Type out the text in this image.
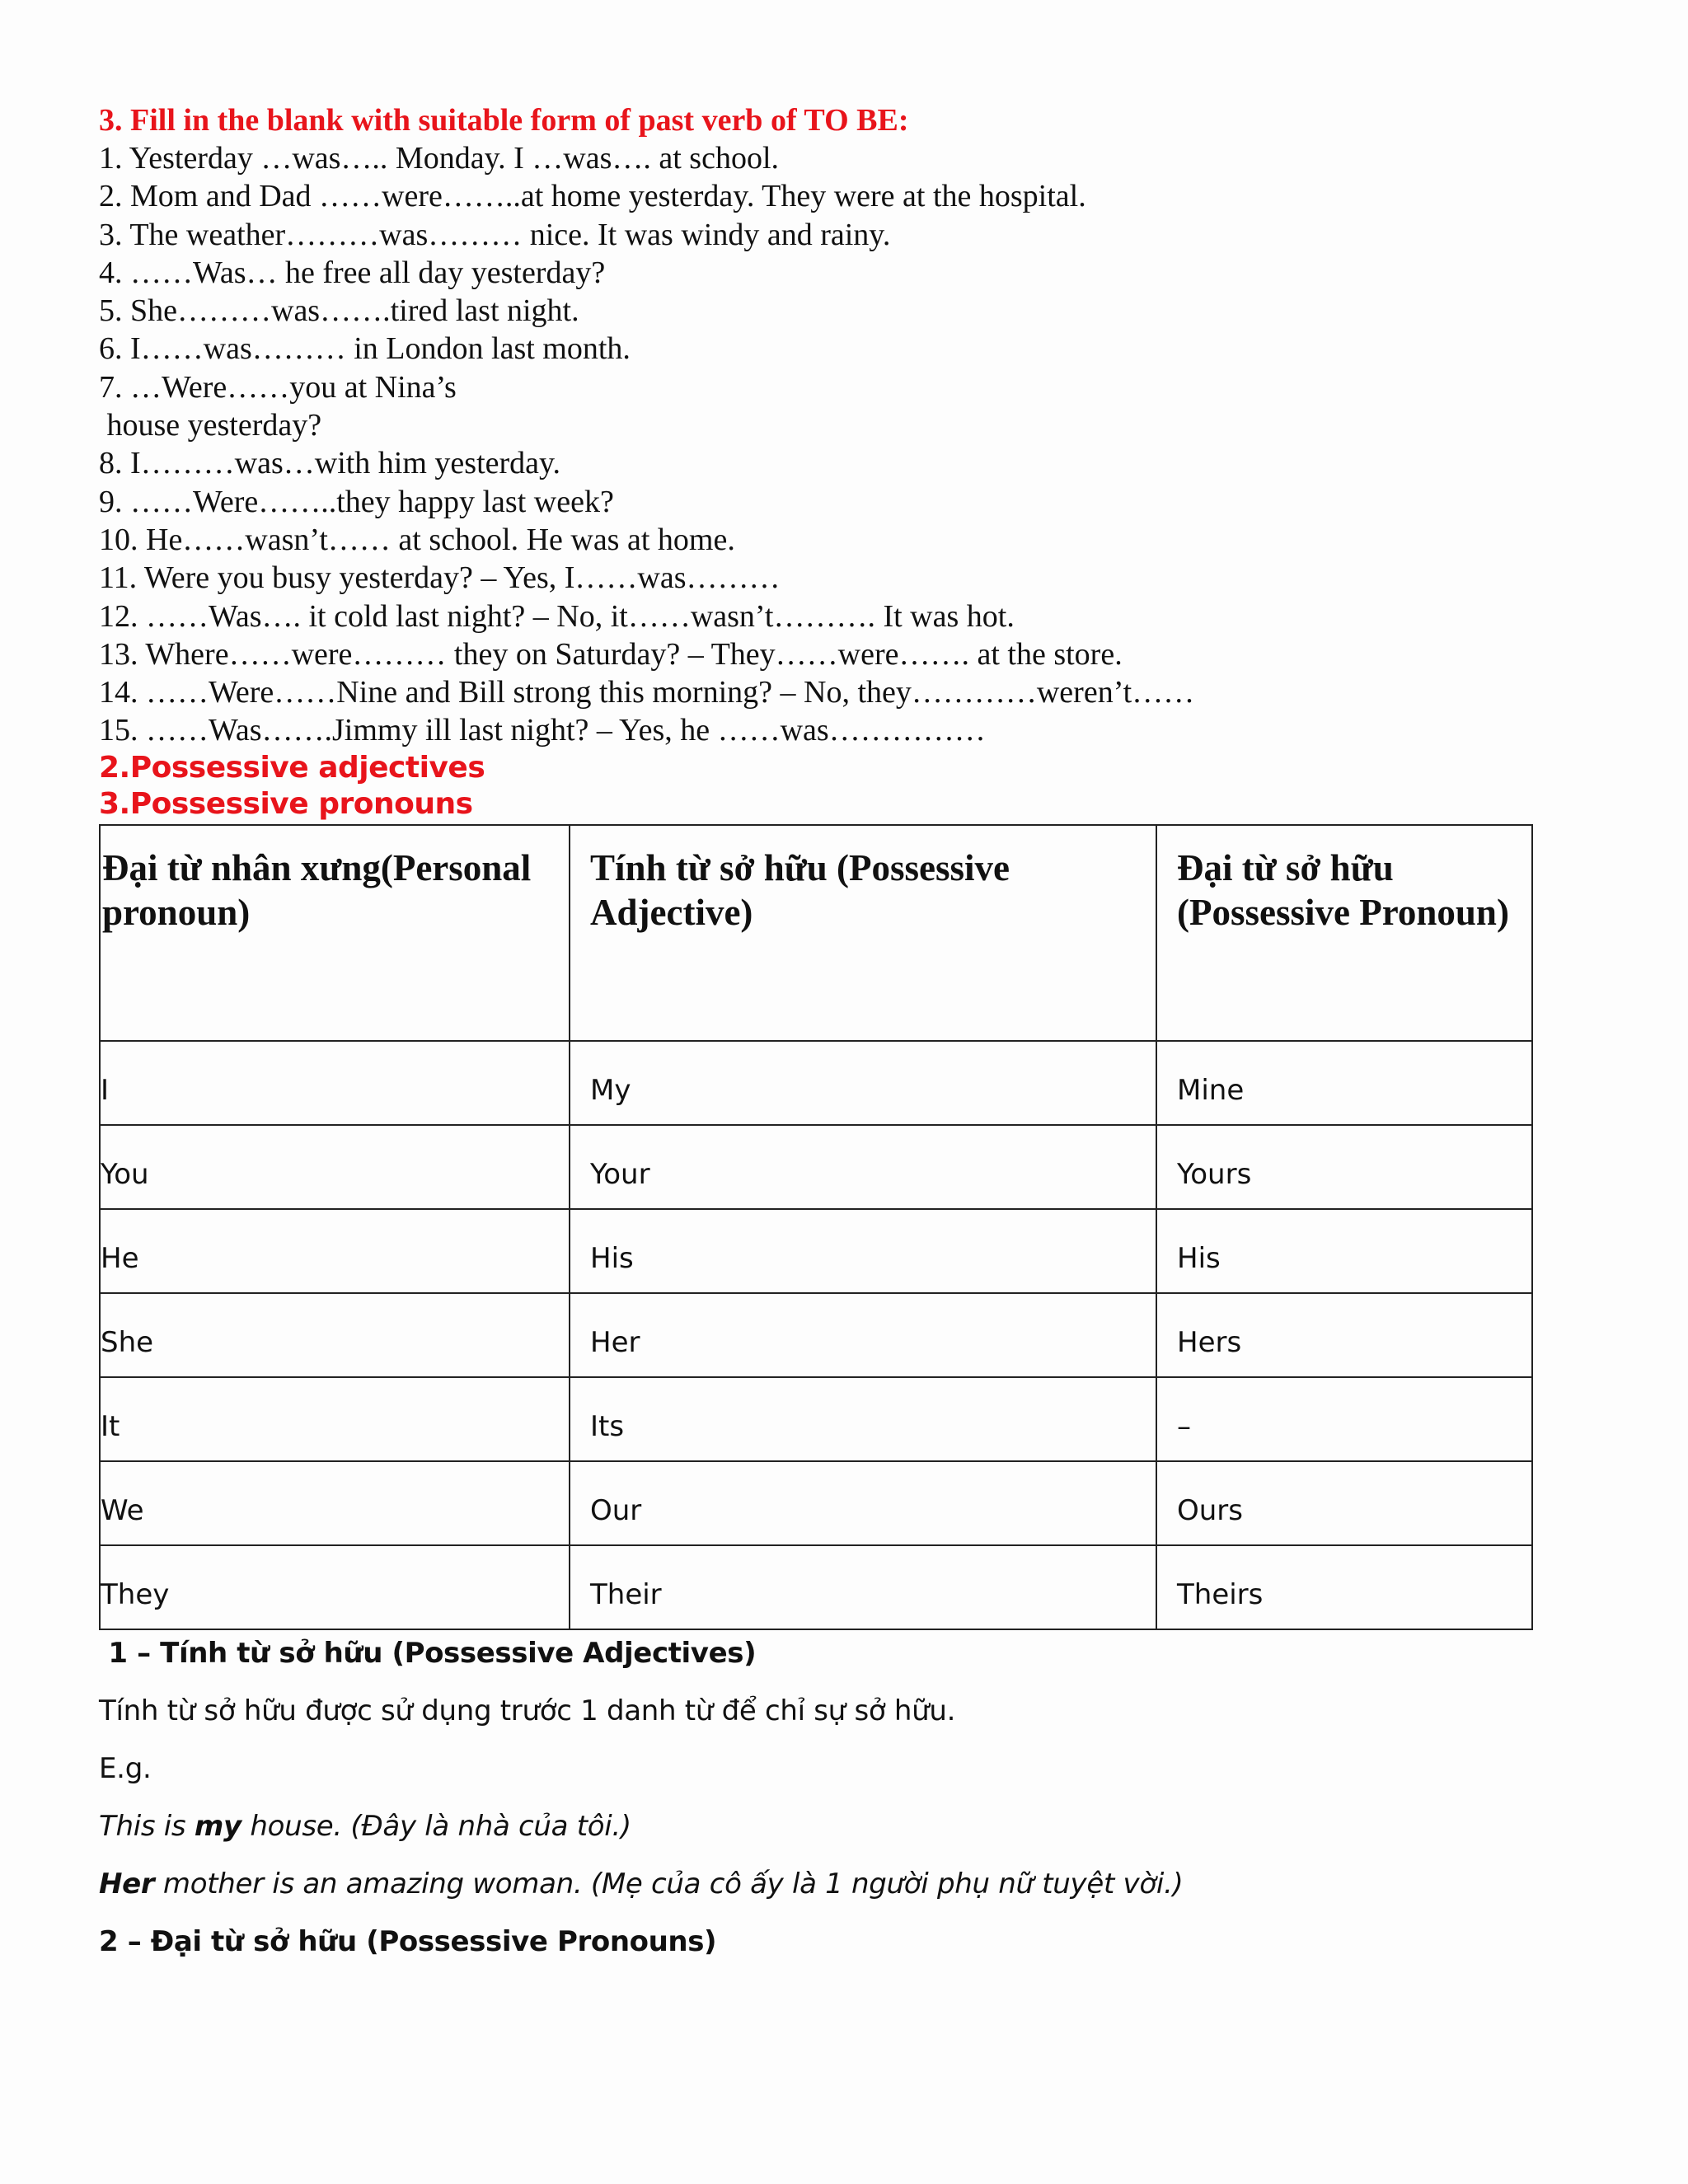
3. Fill in the blank with suitable form of past verb of TO BE:

1. Yesterday …was….. Monday. I …was…. at school.

2. Mom and Dad ……were……..at home yesterday. They were at the hospital.

3. The weather………was……… nice. It was windy and rainy.

4. ……Was… he free all day yesterday?

5. She………was…….tired last night.

6. I……was……… in London last month.

7. …Were……you at Nina’s

house yesterday?

8. I………was…with him yesterday.

9. ……Were……..they happy last week?

10. He……wasn’t…… at school. He was at home.

11. Were you busy yesterday? – Yes, I……was………

12. ……Was…. it cold last night? – No, it……wasn’t………. It was hot.

13. Where……were……… they on Saturday? – They……were……. at the store.

14. ……Were……Nine and Bill strong this morning? – No, they…………weren’t……

15. ……Was…….Jimmy ill last night? – Yes, he ……was……………

2.Possessive adjectives

3.Possessive pronouns

Đại từ nhân xưng(Personal pronoun)	Tính từ sở hữu (Possessive Adjective)	Đại từ sở hữu (Possessive Pronoun)

I	My	Mine

You	Your	Yours

He	His	His

She	Her	Hers

It	Its	–

We	Our	Ours

They	Their	Theirs

1 – Tính từ sở hữu (Possessive Adjectives)

Tính từ sở hữu được sử dụng trước 1 danh từ để chỉ sự sở hữu.

E.g.

This is my house. (Đây là nhà của tôi.)

Her mother is an amazing woman. (Mẹ của cô ấy là 1 người phụ nữ tuyệt vời.)

2 – Đại từ sở hữu (Possessive Pronouns)
